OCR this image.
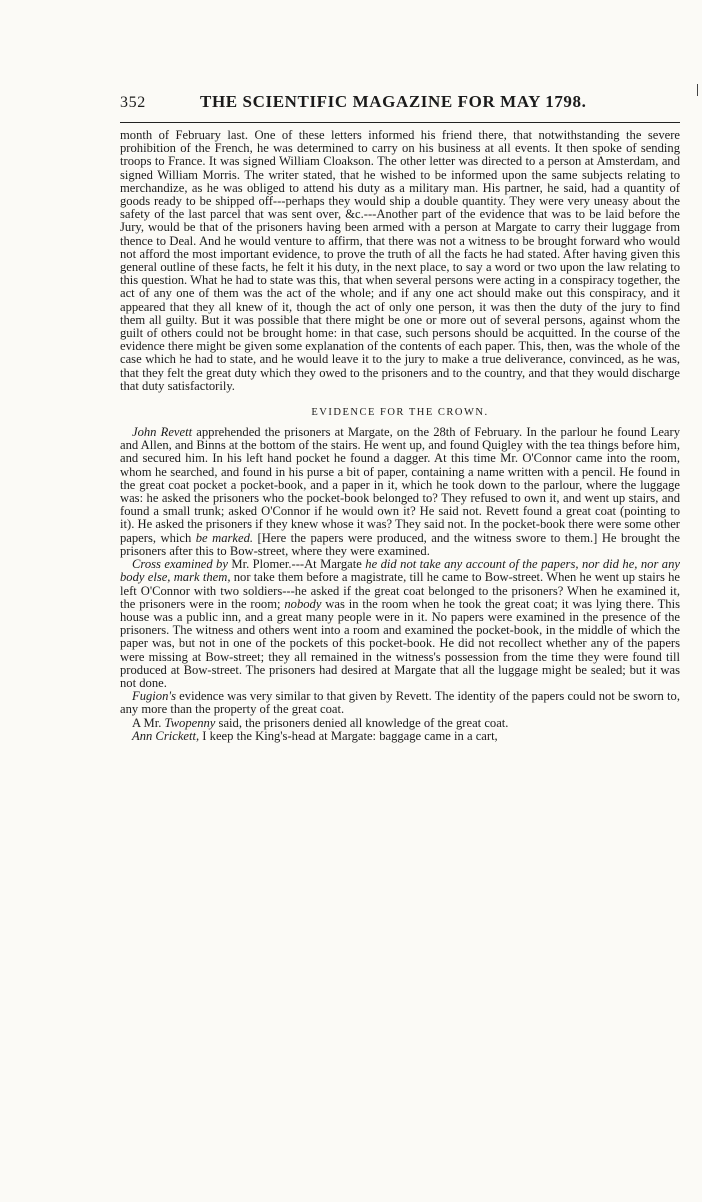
352	THE SCIENTIFIC MAGAZINE FOR MAY 1798.

month of February last. One of these letters informed his friend there, that notwithstanding the severe prohibition of the French, he was determined to carry on his business at all events. It then spoke of sending troops to France. It was signed William Cloakson. The other letter was directed to a person at Amsterdam, and signed William Morris. The writer stated, that he wished to be informed upon the same subjects relating to merchandize, as he was obliged to attend his duty as a military man. His partner, he said, had a quantity of goods ready to be shipped off---perhaps they would ship a double quantity. They were very uneasy about the safety of the last parcel that was sent over, &c.---Another part of the evidence that was to be laid before the Jury, would be that of the prisoners having been armed with a person at Margate to carry their luggage from thence to Deal. And he would venture to affirm, that there was not a witness to be brought forward who would not afford the most important evidence, to prove the truth of all the facts he had stated. After having given this general outline of these facts, he felt it his duty, in the next place, to say a word or two upon the law relating to this question. What he had to state was this, that when several persons were acting in a conspiracy together, the act of any one of them was the act of the whole; and if any one act should make out this conspiracy, and it appeared that they all knew of it, though the act of only one person, it was then the duty of the jury to find them all guilty. But it was possible that there might be one or more out of several persons, against whom the guilt of others could not be brought home: in that case, such persons should be acquitted. In the course of the evidence there might be given some explanation of the contents of each paper. This, then, was the whole of the case which he had to state, and he would leave it to the jury to make a true deliverance, convinced, as he was, that they felt the great duty which they owed to the prisoners and to the country, and that they would discharge that duty satisfactorily.

EVIDENCE FOR THE CROWN.

John Revett apprehended the prisoners at Margate, on the 28th of February. In the parlour he found Leary and Allen, and Binns at the bottom of the stairs. He went up, and found Quigley with the tea things before him, and secured him. In his left hand pocket he found a dagger. At this time Mr. O'Connor came into the room, whom he searched, and found in his purse a bit of paper, containing a name written with a pencil. He found in the great coat pocket a pocket-book, and a paper in it, which he took down to the parlour, where the luggage was: he asked the prisoners who the pocket-book belonged to? They refused to own it, and went up stairs, and found a small trunk; asked O'Connor if he would own it? He said not. Revett found a great coat (pointing to it). He asked the prisoners if they knew whose it was? They said not. In the pocket-book there were some other papers, which be marked. [Here the papers were produced, and the witness swore to them.] He brought the prisoners after this to Bow-street, where they were examined.

Cross examined by Mr. Plomer.---At Margate he did not take any account of the papers, nor did he, nor any body else, mark them, nor take them before a magistrate, till he came to Bow-street. When he went up stairs he left O'Connor with two soldiers---he asked if the great coat belonged to the prisoners? When he examined it, the prisoners were in the room; nobody was in the room when he took the great coat; it was lying there. This house was a public inn, and a great many people were in it. No papers were examined in the presence of the prisoners. The witness and others went into a room and examined the pocket-book, in the middle of which the paper was, but not in one of the pockets of this pocket-book. He did not recollect whether any of the papers were missing at Bow-street; they all remained in the witness's possession from the time they were found till produced at Bow-street. The prisoners had desired at Margate that all the luggage might be sealed; but it was not done.

Fugion's evidence was very similar to that given by Revett. The identity of the papers could not be sworn to, any more than the property of the great coat.

A Mr. Twopenny said, the prisoners denied all knowledge of the great coat.

Ann Crickett, I keep the King's-head at Margate: baggage came in a cart,
